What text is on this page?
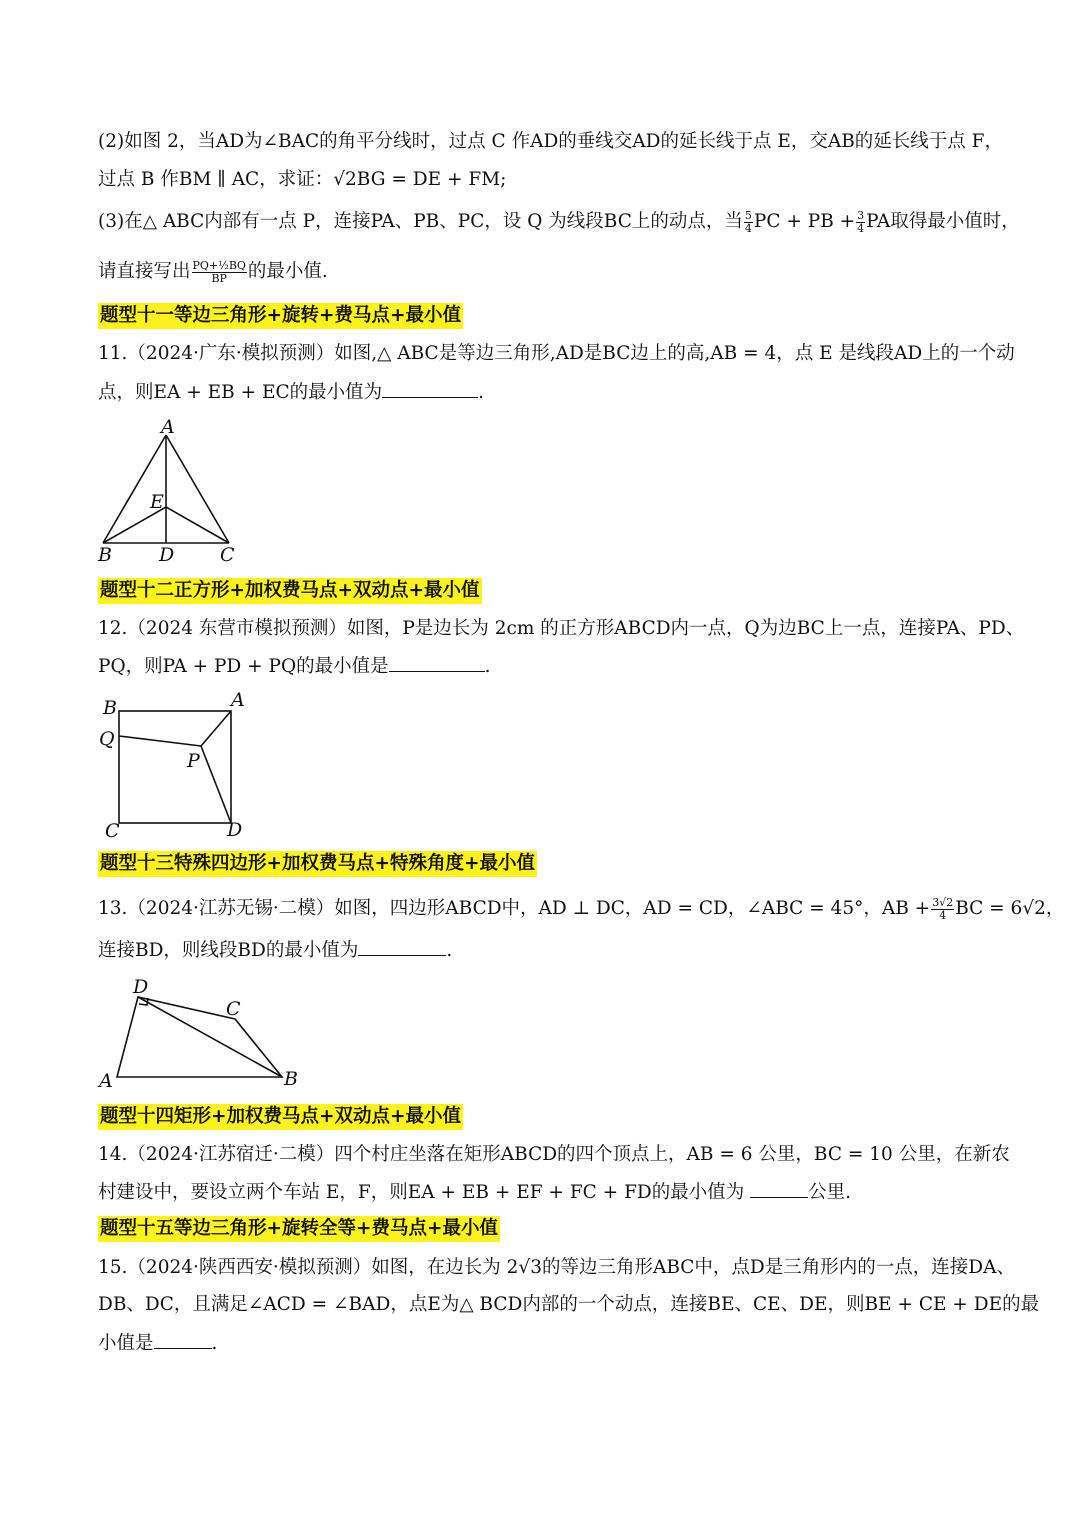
(2)如图 2，当AD为∠BAC的角平分线时，过点 C 作AD的垂线交AD的延长线于点 E，交AB的延长线于点 F，
过点 B 作BM ∥ AC，求证：√2BG = DE + FM;
(3)在△ ABC内部有一点 P，连接PA、PB、PC，设 Q 为线段BC上的动点，当 $\frac{5}{4}$ PC + PB + $\frac{3}{4}$ PA取得最小值时，
请直接写出 $\frac{\text{PQ+½BQ}}{BP}$ 的最小值.
题型十一等边三角形+旋转+费马点+最小值
11.（2024·广东·模拟预测）如图,△ ABC是等边三角形,AD是BC边上的高,AB = 4，点 E 是线段AD上的一个动
点，则EA + EB + EC的最小值为	.
A
E
B D C
题型十二正方形+加权费马点+双动点+最小值
12.（2024 东营市模拟预测）如图，P是边长为 2cm 的正方形ABCD内一点，Q为边BC上一点，连接PA、PD、
PQ，则PA + PD + PQ的最小值是	.
B	A
Q
P
C	D
题型十三特殊四边形+加权费马点+特殊角度+最小值
13.（2024·江苏无锡·二模）如图，四边形ABCD中，AD ⊥ DC，AD = CD，∠ABC = 45°，AB + $\frac{3√2}{4}$ BC = 6√2，
连接BD，则线段BD的最小值为	.
D
C
A	B
题型十四矩形+加权费马点+双动点+最小值
14.（2024·江苏宿迁·二模）四个村庄坐落在矩形ABCD的四个顶点上，AB = 6 公里，BC = 10 公里，在新农
村建设中，要设立两个车站 E，F，则EA + EB + EF + FC + FD的最小值为	公里.
题型十五等边三角形+旋转全等+费马点+最小值
15.（2024·陕西西安·模拟预测）如图，在边长为 2√3的等边三角形ABC中，点D是三角形内的一点，连接DA、
DB、DC，且满足∠ACD = ∠BAD，点E为△ BCD内部的一个动点，连接BE、CE、DE，则BE + CE + DE的最
小值是	.
